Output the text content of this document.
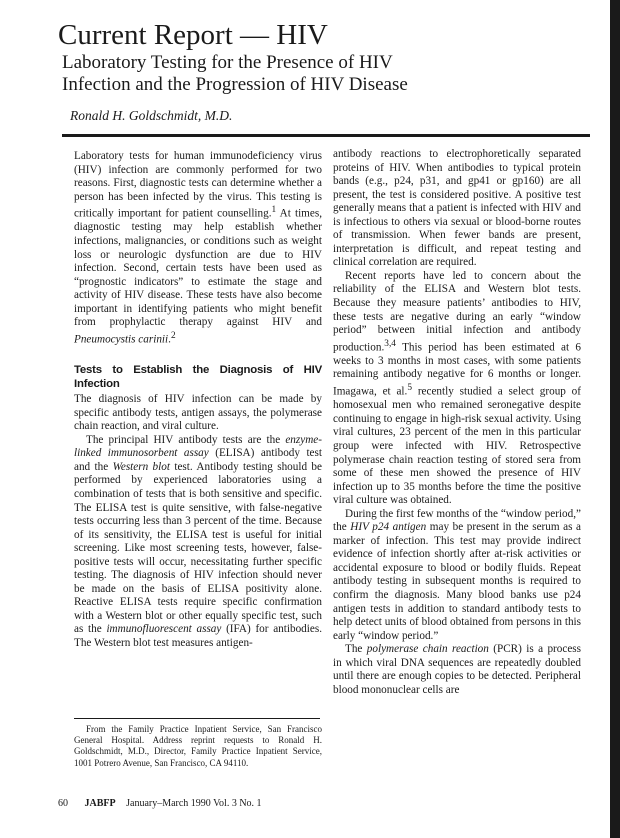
Current Report — HIV
Laboratory Testing for the Presence of HIV
Infection and the Progression of HIV Disease
Ronald H. Goldschmidt, M.D.

Laboratory tests for human immunodeficiency virus (HIV) infection are commonly performed for two reasons. First, diagnostic tests can determine whether a person has been infected by the virus. This testing is critically important for patient counselling.$^1$ At times, diagnostic testing may help establish whether infections, malignancies, or conditions such as weight loss or neurologic dysfunction are due to HIV infection. Second, certain tests have been used as “prognostic indicators” to estimate the stage and activity of HIV disease. These tests have also become important in identifying patients who might benefit from prophylactic therapy against HIV and Pneumocystis carinii.$^2$

Tests to Establish the Diagnosis of HIV Infection

The diagnosis of HIV infection can be made by specific antibody tests, antigen assays, the polymerase chain reaction, and viral culture.

The principal HIV antibody tests are the enzyme-linked immunosorbent assay (ELISA) antibody test and the Western blot test. Antibody testing should be performed by experienced laboratories using a combination of tests that is both sensitive and specific. The ELISA test is quite sensitive, with false-negative tests occurring less than 3 percent of the time. Because of its sensitivity, the ELISA test is useful for initial screening. Like most screening tests, however, false-positive tests will occur, necessitating further specific testing. The diagnosis of HIV infection should never be made on the basis of ELISA positivity alone. Reactive ELISA tests require specific confirmation with a Western blot or other equally specific test, such as the immunofluorescent assay (IFA) for antibodies. The Western blot test measures antigen-

antibody reactions to electrophoretically separated proteins of HIV. When antibodies to typical protein bands (e.g., p24, p31, and gp41 or gp160) are all present, the test is considered positive. A positive test generally means that a patient is infected with HIV and is infectious to others via sexual or blood-borne routes of transmission. When fewer bands are present, interpretation is difficult, and repeat testing and clinical correlation are required.

Recent reports have led to concern about the reliability of the ELISA and Western blot tests. Because they measure patients’ antibodies to HIV, these tests are negative during an early “window period” between initial infection and antibody production.$^{3,4}$ This period has been estimated at 6 weeks to 3 months in most cases, with some patients remaining antibody negative for 6 months or longer. Imagawa, et al.$^5$ recently studied a select group of homosexual men who remained seronegative despite continuing to engage in high-risk sexual activity. Using viral cultures, 23 percent of the men in this particular group were infected with HIV. Retrospective polymerase chain reaction testing of stored sera from some of these men showed the presence of HIV infection up to 35 months before the time the positive viral culture was obtained.

During the first few months of the “window period,” the HIV p24 antigen may be present in the serum as a marker of infection. This test may provide indirect evidence of infection shortly after at-risk activities or accidental exposure to blood or bodily fluids. Repeat antibody testing in subsequent months is required to confirm the diagnosis. Many blood banks use p24 antigen tests in addition to standard antibody tests to help detect units of blood obtained from persons in this early “window period.”

The polymerase chain reaction (PCR) is a process in which viral DNA sequences are repeatedly doubled until there are enough copies to be detected. Peripheral blood mononuclear cells are

From the Family Practice Inpatient Service, San Francisco General Hospital. Address reprint requests to Ronald H. Goldschmidt, M.D., Director, Family Practice Inpatient Service, 1001 Potrero Avenue, San Francisco, CA 94110.

60 JABFP January–March 1990 Vol. 3 No. 1
